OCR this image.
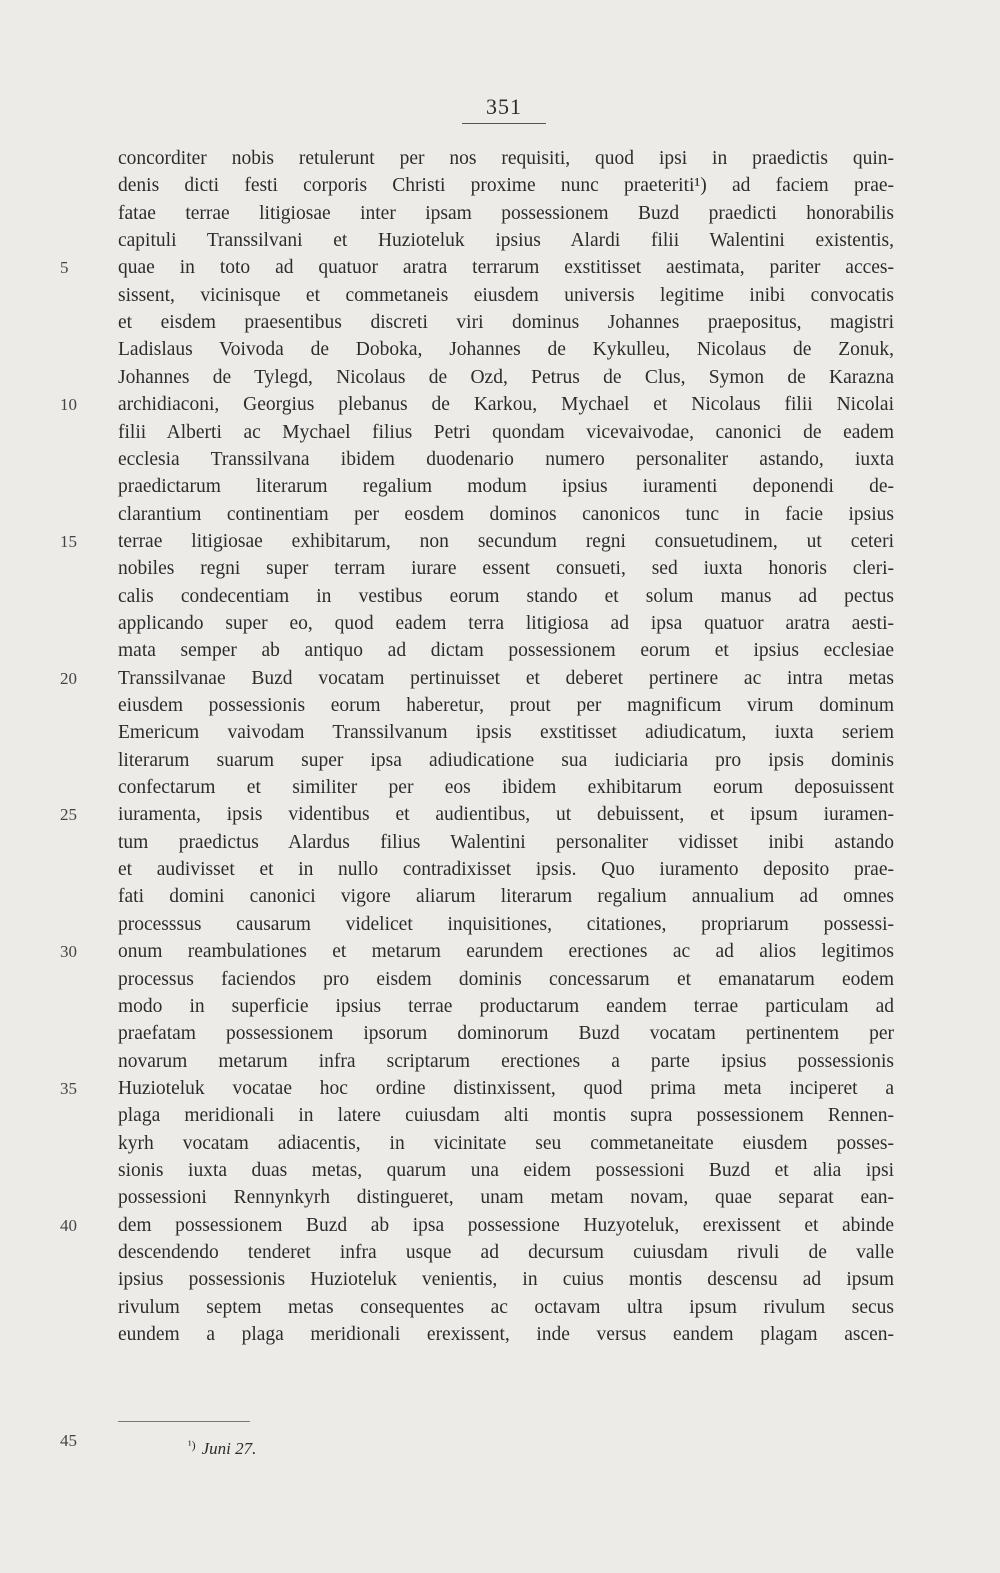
351
concorditer nobis retulerunt per nos requisiti, quod ipsi in praedictis quin-
denis dicti festi corporis Christi proxime nunc praeteriti¹) ad faciem prae-
fatae terrae litigiosae inter ipsam possessionem Buzd praedicti honorabilis
capituli Transsilvani et Huzioteluk ipsius Alardi filii Walentini existentis,
quae in toto ad quatuor aratra terrarum exstitisset aestimata, pariter acces-
sissent, vicinisque et commetaneis eiusdem universis legitime inibi convocatis
et eisdem praesentibus discreti viri dominus Johannes praepositus, magistri
Ladislaus Voivoda de Doboka, Johannes de Kykulleu, Nicolaus de Zonuk,
Johannes de Tylegd, Nicolaus de Ozd, Petrus de Clus, Symon de Karazna
archidiaconi, Georgius plebanus de Karkou, Mychael et Nicolaus filii Nicolai
filii Alberti ac Mychael filius Petri quondam vicevaivodae, canonici de eadem
ecclesia Transsilvana ibidem duodenario numero personaliter astando, iuxta
praedictarum literarum regalium modum ipsius iuramenti deponendi de-
clarantium continentiam per eosdem dominos canonicos tunc in facie ipsius
terrae litigiosae exhibitarum, non secundum regni consuetudinem, ut ceteri
nobiles regni super terram iurare essent consueti, sed iuxta honoris cleri-
calis condecentiam in vestibus eorum stando et solum manus ad pectus
applicando super eo, quod eadem terra litigiosa ad ipsa quatuor aratra aesti-
mata semper ab antiquo ad dictam possessionem eorum et ipsius ecclesiae
Transsilvanae Buzd vocatam pertinuisset et deberet pertinere ac intra metas
eiusdem possessionis eorum haberetur, prout per magnificum virum dominum
Emericum vaivodam Transsilvanum ipsis exstitisset adiudicatum, iuxta seriem
literarum suarum super ipsa adiudicatione sua iudiciaria pro ipsis dominis
confectarum et similiter per eos ibidem exhibitarum eorum deposuissent
iuramenta, ipsis videntibus et audientibus, ut debuissent, et ipsum iuramen-
tum praedictus Alardus filius Walentini personaliter vidisset inibi astando
et audivisset et in nullo contradixisset ipsis. Quo iuramento deposito prae-
fati domini canonici vigore aliarum literarum regalium annualium ad omnes
processsus causarum videlicet inquisitiones, citationes, propriarum possessi-
onum reambulationes et metarum earundem erectiones ac ad alios legitimos
processus faciendos pro eisdem dominis concessarum et emanatarum eodem
modo in superficie ipsius terrae productarum eandem terrae particulam ad
praefatam possessionem ipsorum dominorum Buzd vocatam pertinentem per
novarum metarum infra scriptarum erectiones a parte ipsius possessionis
Huzioteluk vocatae hoc ordine distinxissent, quod prima meta inciperet a
plaga meridionali in latere cuiusdam alti montis supra possessionem Rennen-
kyrh vocatam adiacentis, in vicinitate seu commetaneitate eiusdem posses-
sionis iuxta duas metas, quarum una eidem possessioni Buzd et alia ipsi
possessioni Rennynkyrh distingueret, unam metam novam, quae separat ean-
dem possessionem Buzd ab ipsa possessione Huzyoteluk, erexissent et abinde
descendendo tenderet infra usque ad decursum cuiusdam rivuli de valle
ipsius possessionis Huzioteluk venientis, in cuius montis descensu ad ipsum
rivulum septem metas consequentes ac octavam ultra ipsum rivulum secus
eundem a plaga meridionali erexissent, inde versus eandem plagam ascen-
5
10
15
20
25
30
35
40
45	$^{^1)}$ Juni 27.
